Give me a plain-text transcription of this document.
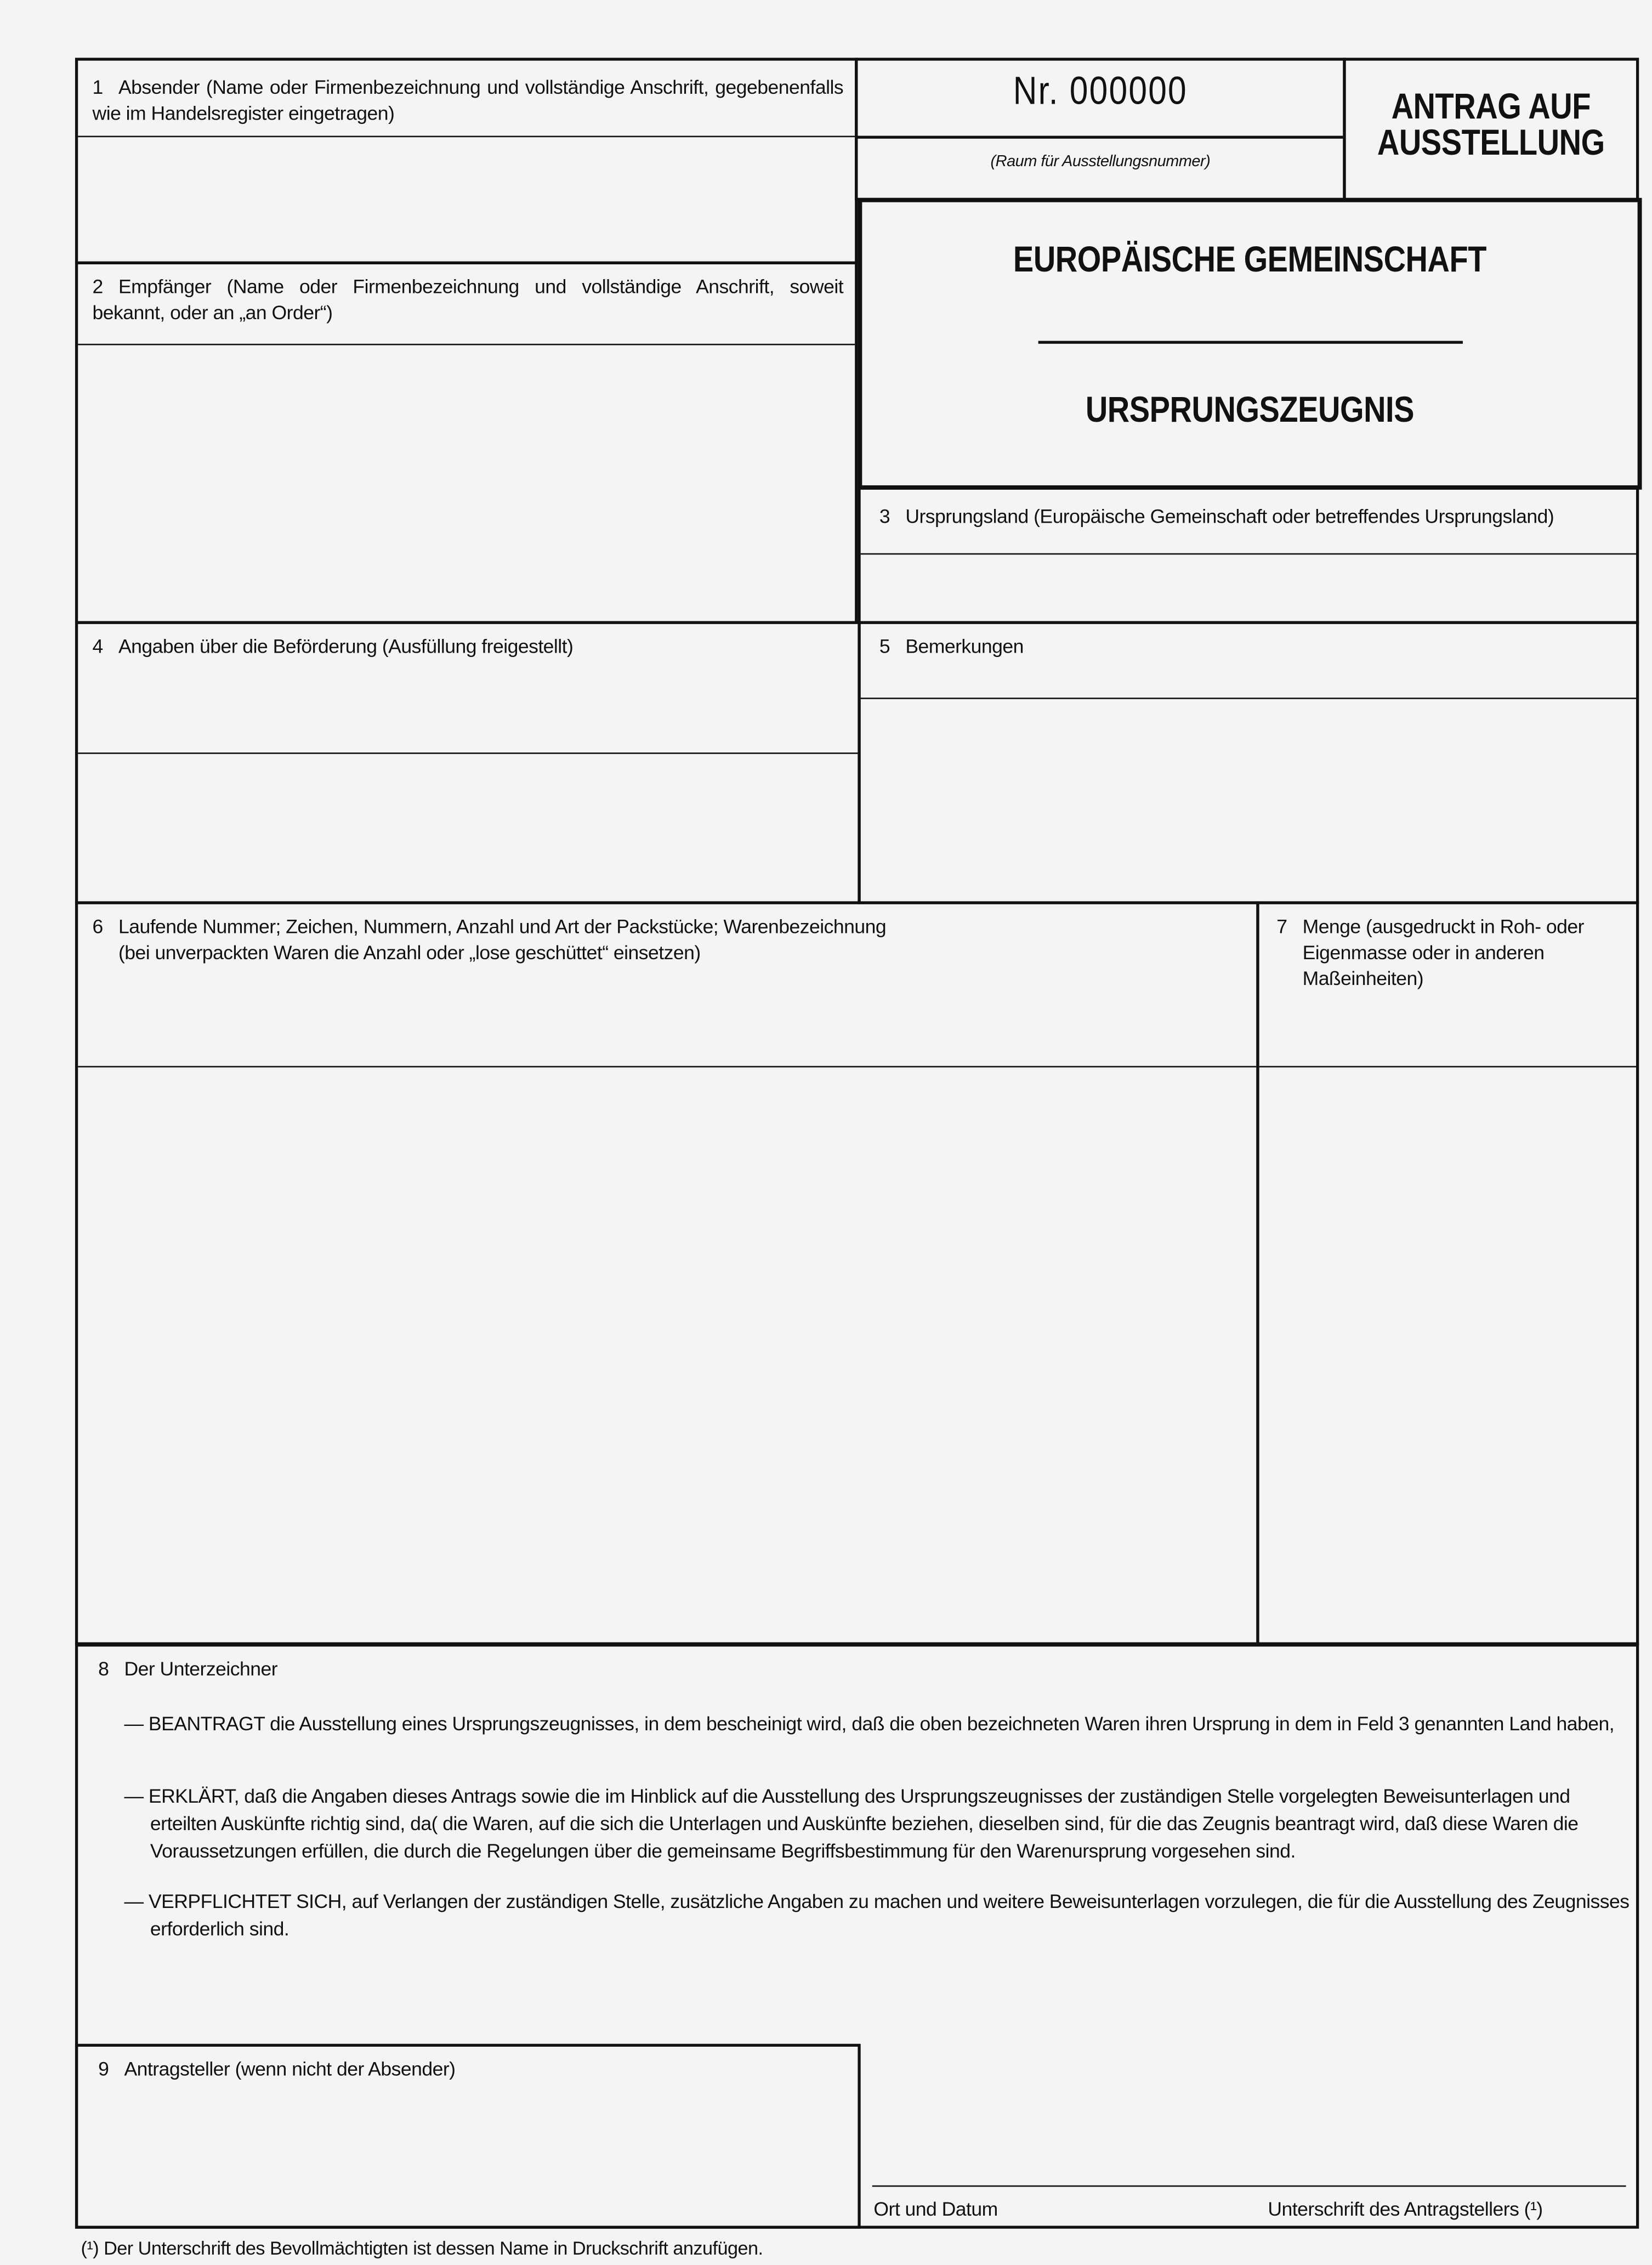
1 Absender (Name oder Firmenbezeichnung und vollständige Anschrift, gegebenenfalls wie im Handelsregister eingetragen)
Nr. 000000
(Raum für Ausstellungsnummer)
ANTRAG AUF
AUSSTELLUNG
EUROPÄISCHE GEMEINSCHAFT
URSPRUNGSZEUGNIS
2 Empfänger (Name oder Firmenbezeichnung und vollständige Anschrift, soweit bekannt, oder an „an Order“)
3 Ursprungsland (Europäische Gemeinschaft oder betreffendes Ursprungsland)
4 Angaben über die Beförderung (Ausfüllung freigestellt)	5 Bemerkungen
6 Laufende Nummer; Zeichen, Nummern, Anzahl und Art der Packstücke; Warenbezeichnung
(bei unverpackten Waren die Anzahl oder „lose geschüttet“ einsetzen)
7	Menge (ausgedruckt in Roh- oder Eigenmasse oder in anderen Maßeinheiten)
8 Der Unterzeichner
— BEANTRAGT die Ausstellung eines Ursprungszeugnisses, in dem bescheinigt wird, daß die oben bezeichneten Waren ihren Ursprung in dem in Feld 3 genannten Land haben,
— ERKLÄRT, daß die Angaben dieses Antrags sowie die im Hinblick auf die Ausstellung des Ursprungszeugnisses der zuständigen Stelle vorgelegten Beweisunterlagen und erteilten Auskünfte richtig sind, da( die Waren, auf die sich die Unterlagen und Auskünfte beziehen, dieselben sind, für die das Zeugnis beantragt wird, daß diese Waren die Voraussetzungen erfüllen, die durch die Regelungen über die gemeinsame Begriffsbestimmung für den Warenursprung vorgesehen sind.
— VERPFLICHTET SICH, auf Verlangen der zuständigen Stelle, zusätzliche Angaben zu machen und weitere Beweisunterlagen vorzulegen, die für die Ausstellung des Zeugnisses erforderlich sind.
Ort und Datum	Unterschrift des Antragstellers (¹)
9 Antragsteller (wenn nicht der Absender)
(¹) Der Unterschrift des Bevollmächtigten ist dessen Name in Druckschrift anzufügen.
